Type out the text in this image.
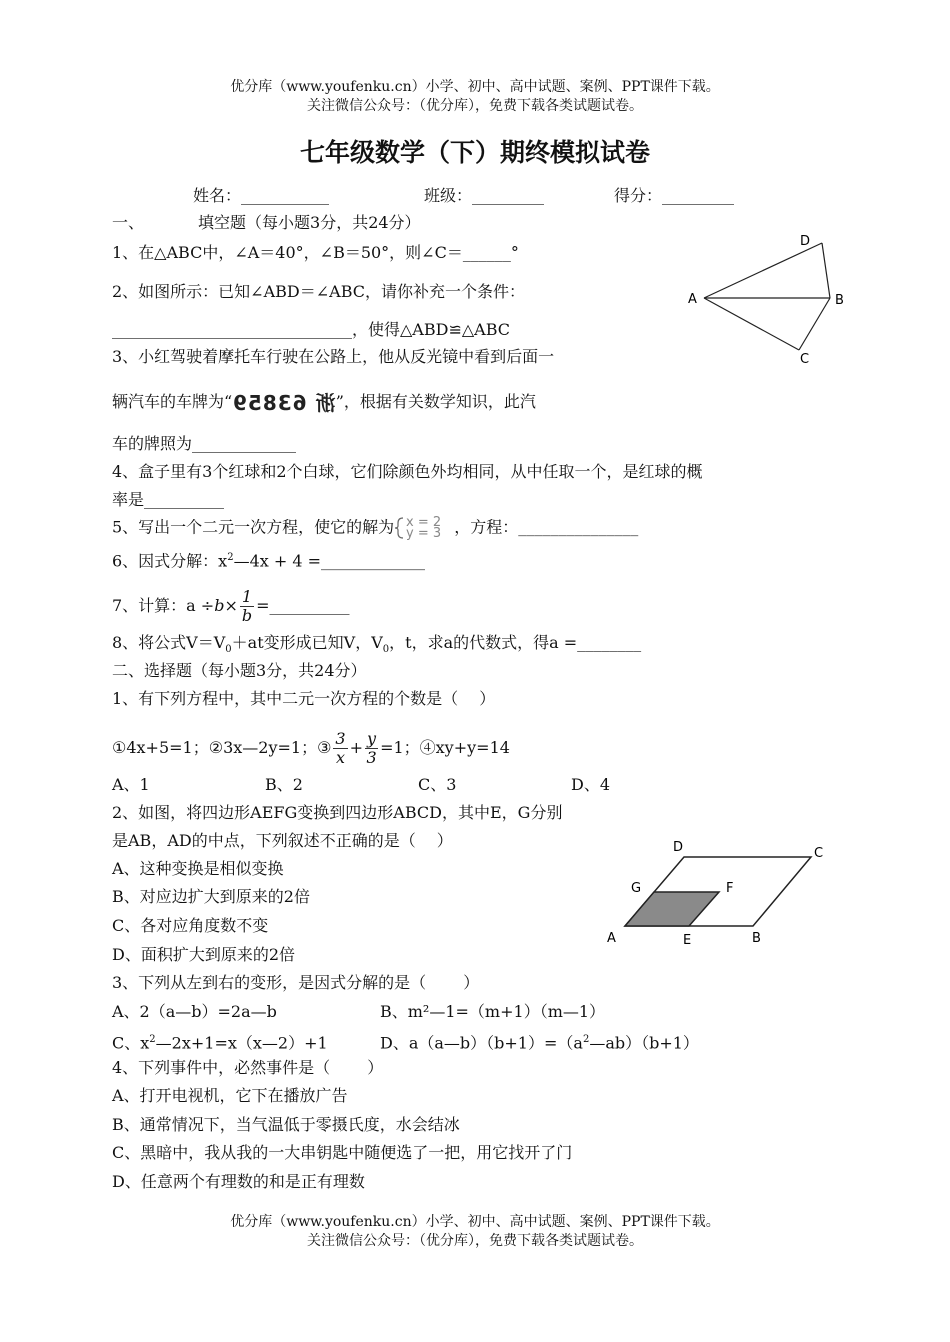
优分库（www.youfenku.cn）小学、初中、高中试题、案例、PPT课件下载。
关注微信公众号：（优分库），免费下载各类试题试卷。
七年级数学（下）期终模拟试卷
姓名：___________	班级：_________	得分：_________
一、	填空题（每小题3分，共24分）
1、在△ABC中，∠A＝40°，∠B＝50°，则∠C＝______°
2、如图所示：已知∠ABD＝∠ABC，请你补充一个条件：
______________________________，使得△ABD≌△ABC
3、小红驾驶着摩托车行驶在公路上，他从反光镜中看到后面一
辆汽车的车牌为“浙 63859”，根据有关数学知识，此汽
车的牌照为_____________
4、盒子里有3个红球和2个白球，它们除颜色外均相同，从中任取一个，是红球的概
率是__________
5、写出一个二元一次方程，使它的解为 x = 2
y = 3 ，方程：_______________
6、因式分解：$x^2—4x + 4$ =_____________
7、计算：$a \div b\times \frac{1}{b}$ =__________
8、将公式$V=V_0+at$变形成已知V，$V_0$，t，求a的代数式，得a =________
二、选择题（每小题3分，共24分）
1、有下列方程中，其中二元一次方程的个数是（　 ）
①4x+5=1；②3x—2y=1；③ $\frac{3}{x} + \frac{y}{3} =1$；④xy+y=14
A、1	B、2	C、3	D、4
2、如图，将四边形AEFG变换到四边形ABCD，其中E，G分别
是AB，AD的中点，下列叙述不正确的是（　 ）
A、这种变换是相似变换
B、对应边扩大到原来的2倍
C、各对应角度数不变
D、面积扩大到原来的2倍
3、下列从左到右的变形，是因式分解的是（　　 ）
A、2（a—b）=2a—b	B、m²—1=（m+1）（m—1）
C、$x^2—2x+1=x(x—2)+1$	D、$a(a—b)(b+1)=(a^2—ab)(b+1)$
4、下列事件中，必然事件是（　　 ）
A、打开电视机，它下在播放广告
B、通常情况下，当气温低于零摄氏度，水会结冰
C、黑暗中，我从我的一大串钥匙中随便选了一把，用它找开了门
D、任意两个有理数的和是正有理数
A	B
C
D
A	B
C
D
E
F
G
优分库（www.youfenku.cn）小学、初中、高中试题、案例、PPT课件下载。
关注微信公众号：（优分库），免费下载各类试题试卷。
